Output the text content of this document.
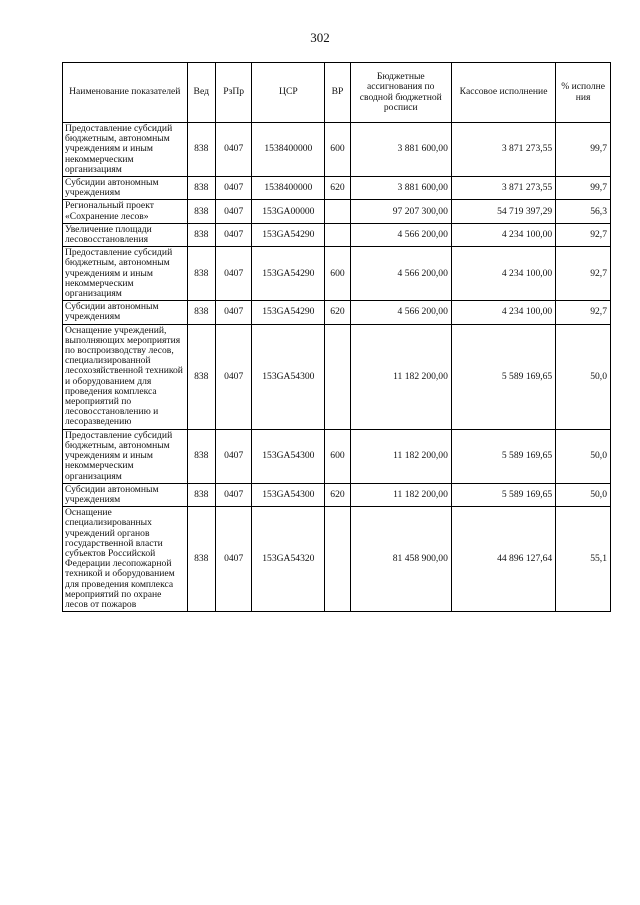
302
Наименование показателей	Вед	РзПр	ЦСР	ВР	Бюджетные ассигнования по сводной бюджетной росписи	Кассовое исполнение	% исполне ния
Предоставление субсидий бюджетным, автономным учреждениям и иным некоммерческим организациям	838	0407	1538400000	600	3 881 600,00	3 871 273,55	99,7
Субсидии автономным учреждениям	838	0407	1538400000	620	3 881 600,00	3 871 273,55	99,7
Региональный проект «Сохранение лесов»	838	0407	153GA00000		97 207 300,00	54 719 397,29	56,3
Увеличение площади лесовосстановления	838	0407	153GA54290		4 566 200,00	4 234 100,00	92,7
Предоставление субсидий бюджетным, автономным учреждениям и иным некоммерческим организациям	838	0407	153GA54290	600	4 566 200,00	4 234 100,00	92,7
Субсидии автономным учреждениям	838	0407	153GA54290	620	4 566 200,00	4 234 100,00	92,7
Оснащение учреждений, выполняющих мероприятия по воспроизводству лесов, специализированной лесохозяйственной техникой и оборудованием для проведения комплекса мероприятий по лесовосстановлению и лесоразведению	838	0407	153GA54300		11 182 200,00	5 589 169,65	50,0
Предоставление субсидий бюджетным, автономным учреждениям и иным некоммерческим организациям	838	0407	153GA54300	600	11 182 200,00	5 589 169,65	50,0
Субсидии автономным учреждениям	838	0407	153GA54300	620	11 182 200,00	5 589 169,65	50,0
Оснащение специализированных учреждений органов государственной власти субъектов Российской Федерации лесопожарной техникой и оборудованием для проведения комплекса мероприятий по охране лесов от пожаров	838	0407	153GA54320		81 458 900,00	44 896 127,64	55,1
